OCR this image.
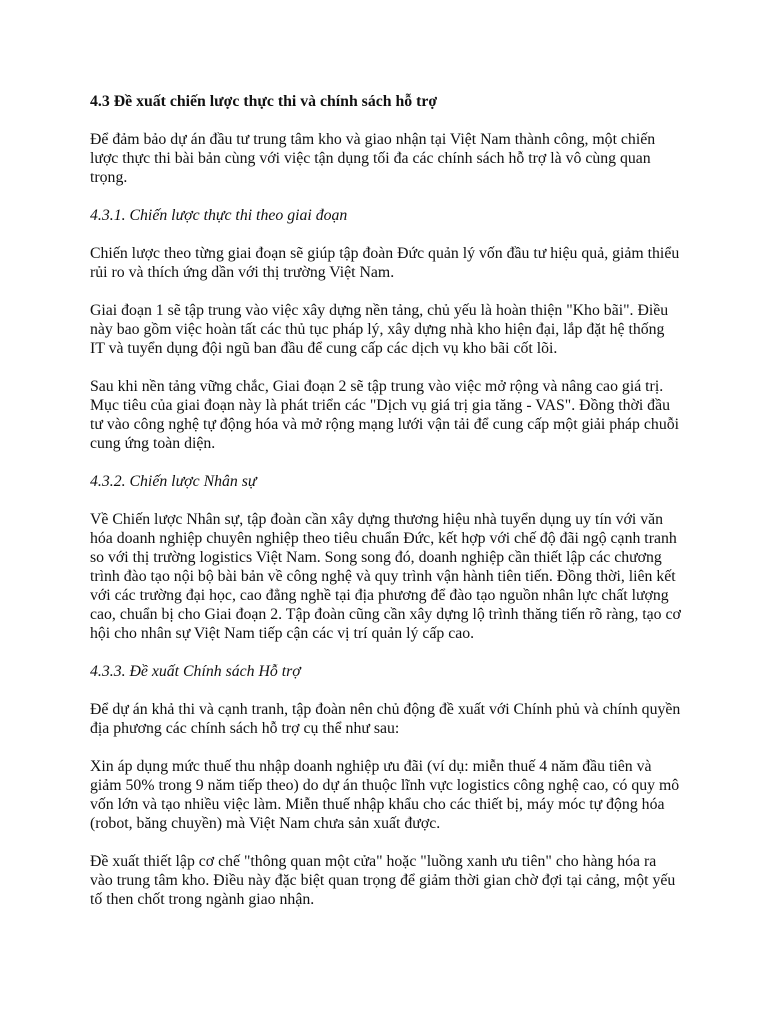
4.3 Đề xuất chiến lược thực thi và chính sách hỗ trợ

Để đảm bảo dự án đầu tư trung tâm kho và giao nhận tại Việt Nam thành công, một chiến lược thực thi bài bản cùng với việc tận dụng tối đa các chính sách hỗ trợ là vô cùng quan trọng.

4.3.1. Chiến lược thực thi theo giai đoạn

Chiến lược theo từng giai đoạn sẽ giúp tập đoàn Đức quản lý vốn đầu tư hiệu quả, giảm thiểu rủi ro và thích ứng dần với thị trường Việt Nam.

Giai đoạn 1 sẽ tập trung vào việc xây dựng nền tảng, chủ yếu là hoàn thiện "Kho bãi". Điều này bao gồm việc hoàn tất các thủ tục pháp lý, xây dựng nhà kho hiện đại, lắp đặt hệ thống IT và tuyển dụng đội ngũ ban đầu để cung cấp các dịch vụ kho bãi cốt lõi.

Sau khi nền tảng vững chắc, Giai đoạn 2 sẽ tập trung vào việc mở rộng và nâng cao giá trị. Mục tiêu của giai đoạn này là phát triển các "Dịch vụ giá trị gia tăng - VAS". Đồng thời đầu tư vào công nghệ tự động hóa và mở rộng mạng lưới vận tải để cung cấp một giải pháp chuỗi cung ứng toàn diện.

4.3.2. Chiến lược Nhân sự

Về Chiến lược Nhân sự, tập đoàn cần xây dựng thương hiệu nhà tuyển dụng uy tín với văn hóa doanh nghiệp chuyên nghiệp theo tiêu chuẩn Đức, kết hợp với chế độ đãi ngộ cạnh tranh so với thị trường logistics Việt Nam. Song song đó, doanh nghiệp cần thiết lập các chương trình đào tạo nội bộ bài bản về công nghệ và quy trình vận hành tiên tiến. Đồng thời, liên kết với các trường đại học, cao đẳng nghề tại địa phương để đào tạo nguồn nhân lực chất lượng cao, chuẩn bị cho Giai đoạn 2. Tập đoàn cũng cần xây dựng lộ trình thăng tiến rõ ràng, tạo cơ hội cho nhân sự Việt Nam tiếp cận các vị trí quản lý cấp cao.

4.3.3. Đề xuất Chính sách Hỗ trợ

Để dự án khả thi và cạnh tranh, tập đoàn nên chủ động đề xuất với Chính phủ và chính quyền địa phương các chính sách hỗ trợ cụ thể như sau:

Xin áp dụng mức thuế thu nhập doanh nghiệp ưu đãi (ví dụ: miễn thuế 4 năm đầu tiên và giảm 50% trong 9 năm tiếp theo) do dự án thuộc lĩnh vực logistics công nghệ cao, có quy mô vốn lớn và tạo nhiều việc làm. Miễn thuế nhập khẩu cho các thiết bị, máy móc tự động hóa (robot, băng chuyền) mà Việt Nam chưa sản xuất được.

Đề xuất thiết lập cơ chế "thông quan một cửa" hoặc "luồng xanh ưu tiên" cho hàng hóa ra vào trung tâm kho. Điều này đặc biệt quan trọng để giảm thời gian chờ đợi tại cảng, một yếu tố then chốt trong ngành giao nhận.
